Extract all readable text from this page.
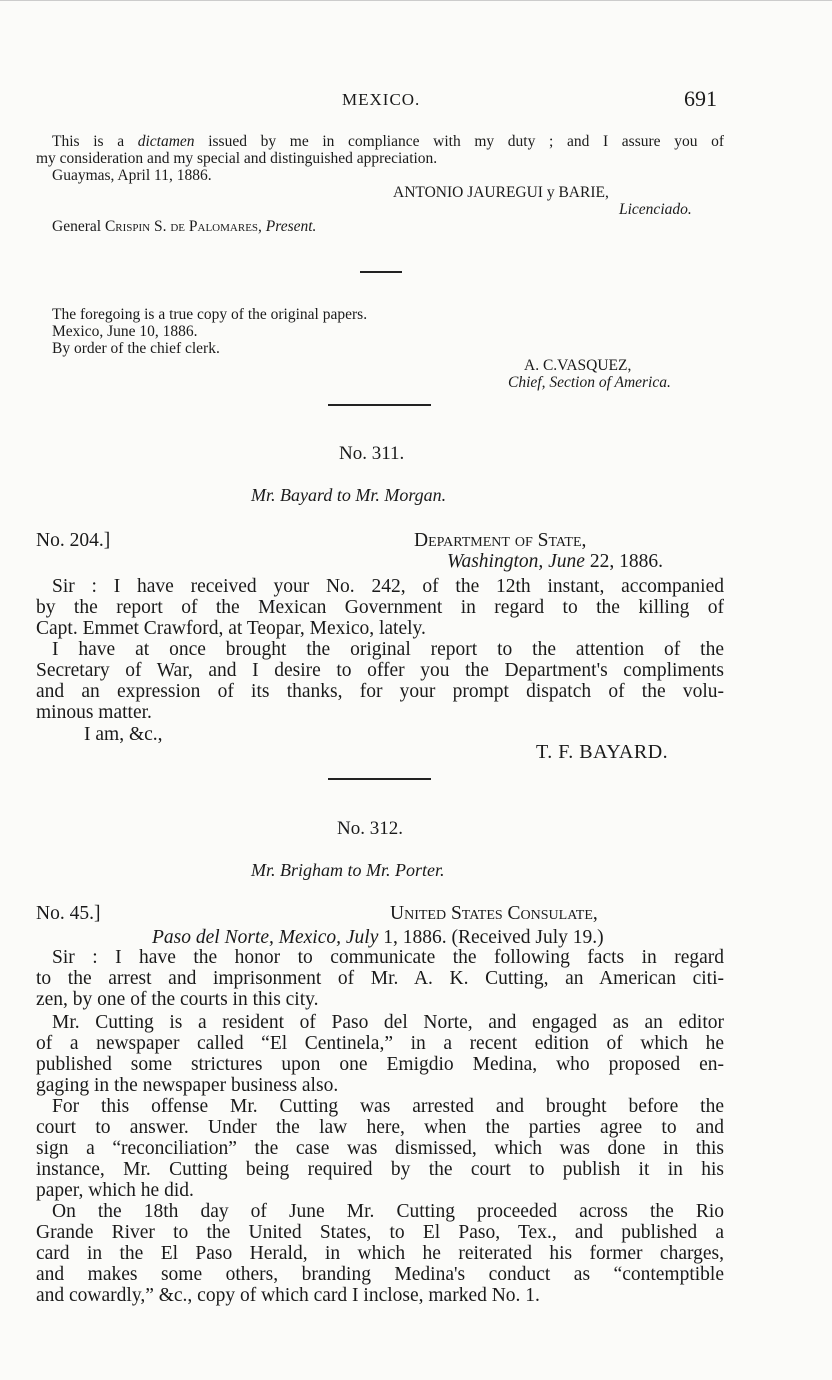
MEXICO.	691
This is a dictamen issued by me in compliance with my duty ; and I assure you of
my consideration and my special and distinguished appreciation.
Guaymas, April 11, 1886.
ANTONIO JAUREGUI y BARIE,
Licenciado.
General Crispin S. de Palomares, Present.
The foregoing is a true copy of the original papers.
Mexico, June 10, 1886.
By order of the chief clerk.
A. C.VASQUEZ,
Chief, Section of America.
No. 311.
Mr. Bayard to Mr. Morgan.
No. 204.]	Department of State,
Washington, June 22, 1886.
Sir : I have received your No. 242, of the 12th instant, accompanied
by the report of the Mexican Government in regard to the killing of
Capt. Emmet Crawford, at Teopar, Mexico, lately.
I have at once brought the original report to the attention of the
Secretary of War, and I desire to offer you the Department's compliments
and an expression of its thanks, for your prompt dispatch of the volu-
minous matter.
I am, &c.,
T. F. BAYARD.
No. 312.
Mr. Brigham to Mr. Porter.
No. 45.]	United States Consulate,
Paso del Norte, Mexico, July 1, 1886. (Received July 19.)
Sir : I have the honor to communicate the following facts in regard
to the arrest and imprisonment of Mr. A. K. Cutting, an American citi-
zen, by one of the courts in this city.
Mr. Cutting is a resident of Paso del Norte, and engaged as an editor
of a newspaper called “El Centinela,” in a recent edition of which he
published some strictures upon one Emigdio Medina, who proposed en-
gaging in the newspaper business also.
For this offense Mr. Cutting was arrested and brought before the
court to answer. Under the law here, when the parties agree to and
sign a “reconciliation” the case was dismissed, which was done in this
instance, Mr. Cutting being required by the court to publish it in his
paper, which he did.
On the 18th day of June Mr. Cutting proceeded across the Rio
Grande River to the United States, to El Paso, Tex., and published a
card in the El Paso Herald, in which he reiterated his former charges,
and makes some others, branding Medina's conduct as “contemptible
and cowardly,” &c., copy of which card I inclose, marked No. 1.
